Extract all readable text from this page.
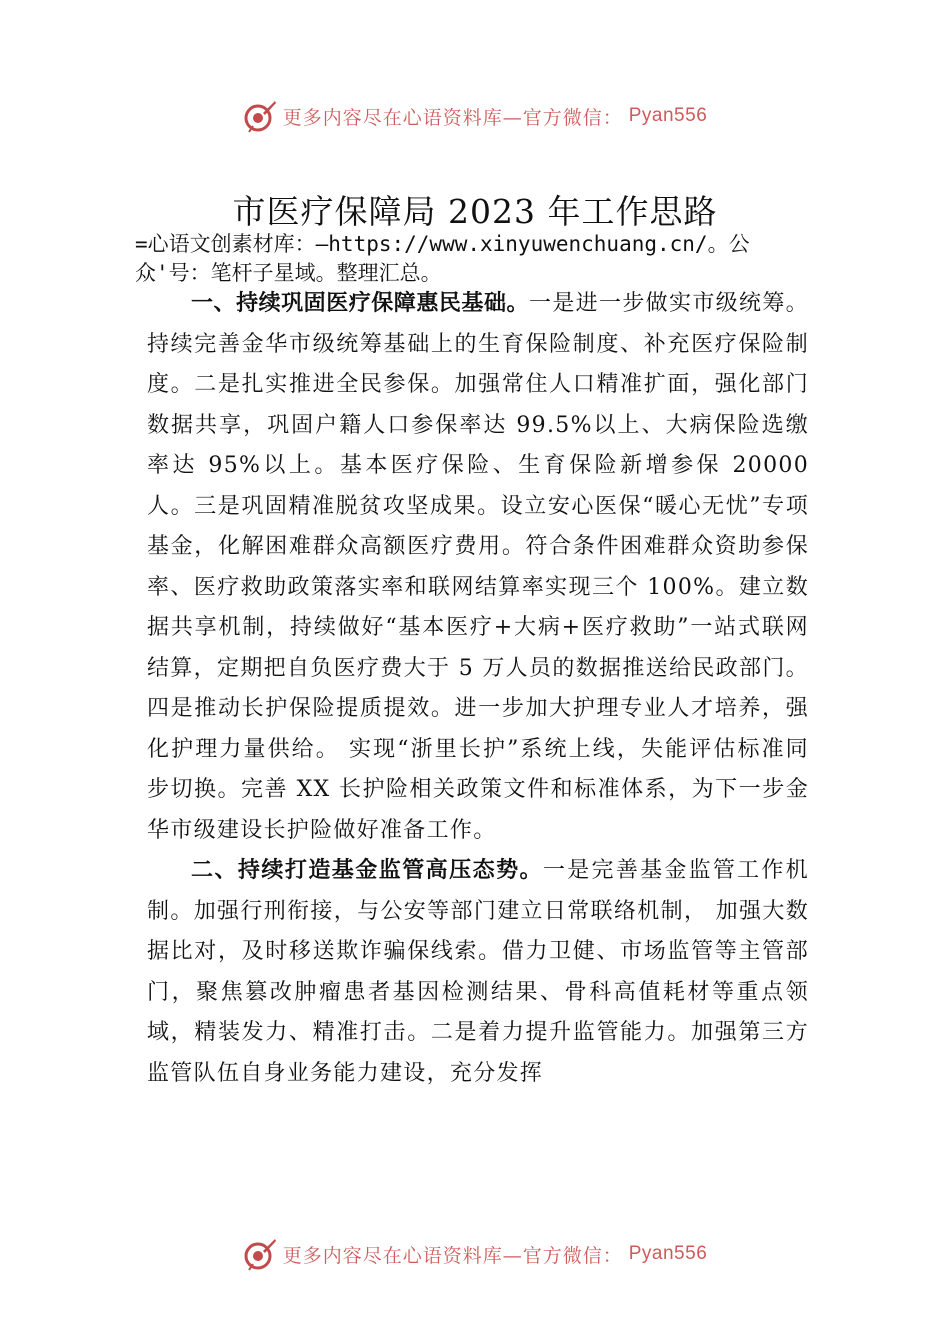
更多内容尽在心语资料库—官方微信： Pyan556
市医疗保障局 2023 年工作思路

=心语文创素材库：—https://www.xinyuwenchuang.cn/。公众'号：笔杆子星域。整理汇总。

一、持续巩固医疗保障惠民基础。一是进一步做实市级统筹。持续完善金华市级统筹基础上的生育保险制度、补充医疗保险制度。二是扎实推进全民参保。加强常住人口精准扩面，强化部门数据共享，巩固户籍人口参保率达 99.5%以上、大病保险选缴率达 95%以上。基本医疗保险、生育保险新增参保 20000 人。三是巩固精准脱贫攻坚成果。设立安心医保“暖心无忧”专项基金，化解困难群众高额医疗费用。符合条件困难群众资助参保率、医疗救助政策落实率和联网结算率实现三个 100%。建立数据共享机制，持续做好“基本医疗+大病+医疗救助”一站式联网结算，定期把自负医疗费大于 5 万人员的数据推送给民政部门。四是推动长护保险提质提效。进一步加大护理专业人才培养，强化护理力量供给。 实现“浙里长护”系统上线，失能评估标准同步切换。完善 XX 长护险相关政策文件和标准体系，为下一步金华市级建设长护险做好准备工作。

二、持续打造基金监管高压态势。一是完善基金监管工作机制。加强行刑衔接，与公安等部门建立日常联络机制， 加强大数据比对，及时移送欺诈骗保线索。借力卫健、市场监管等主管部门，聚焦篡改肿瘤患者基因检测结果、骨科高值耗材等重点领域，精装发力、精准打击。二是着力提升监管能力。加强第三方监管队伍自身业务能力建设，充分发挥

更多内容尽在心语资料库—官方微信： Pyan556
